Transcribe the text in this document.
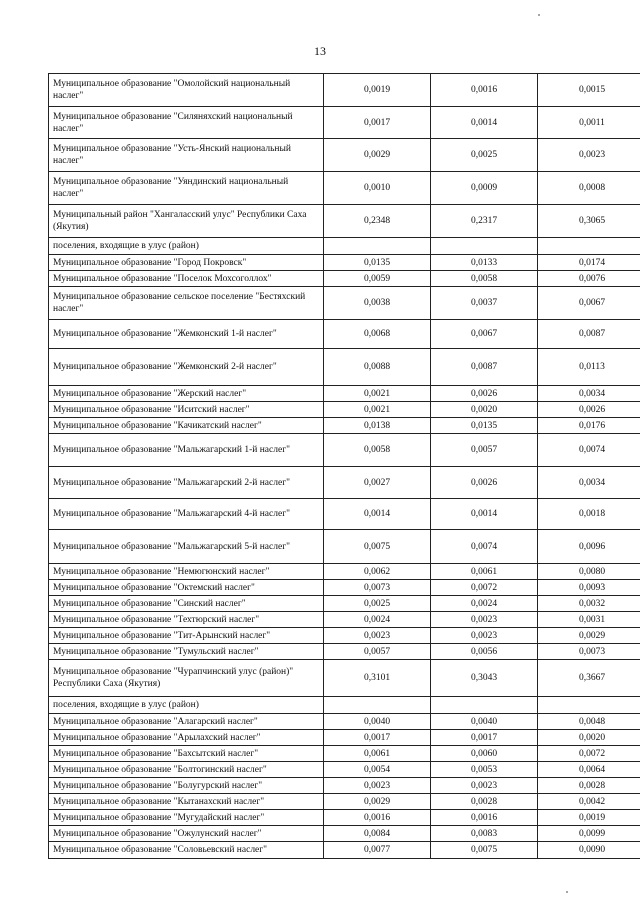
13
Муниципальное образование "Омолойский национальный наслег"	0,0019	0,0016	0,0015
Муниципальное образование "Силяняхский национальный наслег"	0,0017	0,0014	0,0011
Муниципальное образование "Усть-Янский национальный наслег"	0,0029	0,0025	0,0023
Муниципальное образование "Уяндинский национальный наслег"	0,0010	0,0009	0,0008
Муниципальный район "Хангаласский улус" Республики Саха (Якутия)	0,2348	0,2317	0,3065
поселения, входящие в улус (район)			
Муниципальное образование "Город Покровск"	0,0135	0,0133	0,0174
Муниципальное образование "Поселок Мохсоголлох"	0,0059	0,0058	0,0076
Муниципальное образование сельское поселение "Бестяхский наслег"	0,0038	0,0037	0,0067
Муниципальное образование "Жемконский 1-й наслег"	0,0068	0,0067	0,0087
Муниципальное образование "Жемконский 2-й наслег"	0,0088	0,0087	0,0113
Муниципальное образование "Жерский наслег"	0,0021	0,0026	0,0034
Муниципальное образование "Иситский наслег"	0,0021	0,0020	0,0026
Муниципальное образование "Качикатский наслег"	0,0138	0,0135	0,0176
Муниципальное образование "Мальжагарский 1-й наслег"	0,0058	0,0057	0,0074
Муниципальное образование "Мальжагарский 2-й наслег"	0,0027	0,0026	0,0034
Муниципальное образование "Мальжагарский 4-й наслег"	0,0014	0,0014	0,0018
Муниципальное образование "Мальжагарский 5-й наслег"	0,0075	0,0074	0,0096
Муниципальное образование "Немюгюнский наслег"	0,0062	0,0061	0,0080
Муниципальное образование "Октемский наслег"	0,0073	0,0072	0,0093
Муниципальное образование "Синский наслег"	0,0025	0,0024	0,0032
Муниципальное образование "Техтюрский наслег"	0,0024	0,0023	0,0031
Муниципальное образование "Тит-Арынский наслег"	0,0023	0,0023	0,0029
Муниципальное образование "Тумульский наслег"	0,0057	0,0056	0,0073
Муниципальное образование "Чурапчинский улус (район)" Республики Саха (Якутия)	0,3101	0,3043	0,3667
поселения, входящие в улус (район)			
Муниципальное образование "Алагарский наслег"	0,0040	0,0040	0,0048
Муниципальное образование "Арылахский наслег"	0,0017	0,0017	0,0020
Муниципальное образование "Бахсытский наслег"	0,0061	0,0060	0,0072
Муниципальное образование "Болтогинский наслег"	0,0054	0,0053	0,0064
Муниципальное образование "Болугурский наслег"	0,0023	0,0023	0,0028
Муниципальное образование "Кытанахский наслег"	0,0029	0,0028	0,0042
Муниципальное образование "Мугудайский наслег"	0,0016	0,0016	0,0019
Муниципальное образование "Ожулунский наслег"	0,0084	0,0083	0,0099
Муниципальное образование "Соловьевский наслег"	0,0077	0,0075	0,0090
